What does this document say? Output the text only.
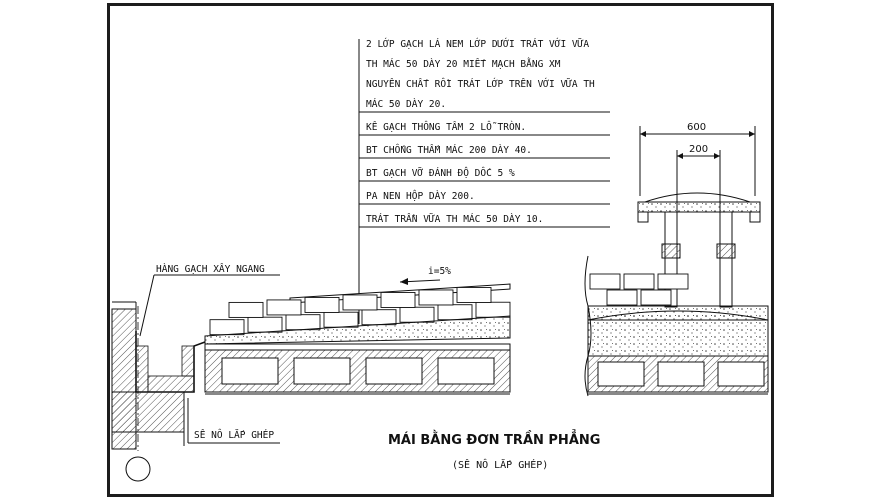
2 LỚP GẠCH LÁ NEM LỚP DƯỚI TRÁT VỚI VỮA
TH MÁC 50 DÀY 20 MIẾT MẠCH BẰNG XM
NGUYÊN CHẤT RỒI TRÁT LỚP TRÊN VỚI VỮA TH
MÁC 50 DÀY 20.
KÊ GẠCH THÔNG TÂM 2 LỖ TRÒN.
BT CHỐNG THẤM MÁC 200 DÀY 40.
BT GẠCH VỠ ĐÁNH ĐỘ DỐC 5 %
PA NEN HỘP DÀY 200.
TRÁT TRẦN VỮA TH MÁC 50 DÀY 10.
HÀNG GẠCH XÂY NGANG
SÊ NÔ LẮP GHÉP
i=5%
600
200
MÁI BẰNG ĐƠN TRẦN PHẲNG
(SÊ NÔ LẮP GHÉP)
